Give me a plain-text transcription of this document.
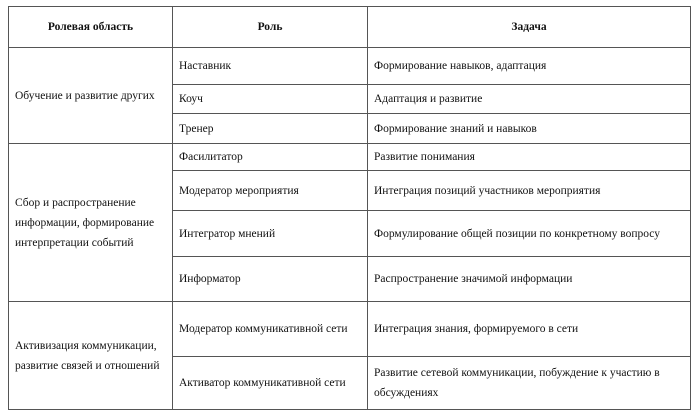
Ролевая область	Роль	Задача
Обучение и развитие других	Наставник	Формирование навыков, адаптация
	Коуч	Адаптация и развитие
	Тренер	Формирование знаний и навыков
Сбор и распространение информации, формирование интерпретации событий	Фасилитатор	Развитие понимания
	Модератор мероприятия	Интеграция позиций участников мероприятия
	Интегратор мнений	Формулирование общей позиции по конкретному вопросу
	Информатор	Распространение значимой информации
Активизация коммуникации, развитие связей и отношений	Модератор коммуникативной сети	Интеграция знания, формируемого в сети
	Активатор коммуникативной сети	Развитие сетевой коммуникации, побуждение к участию в обсуждениях
